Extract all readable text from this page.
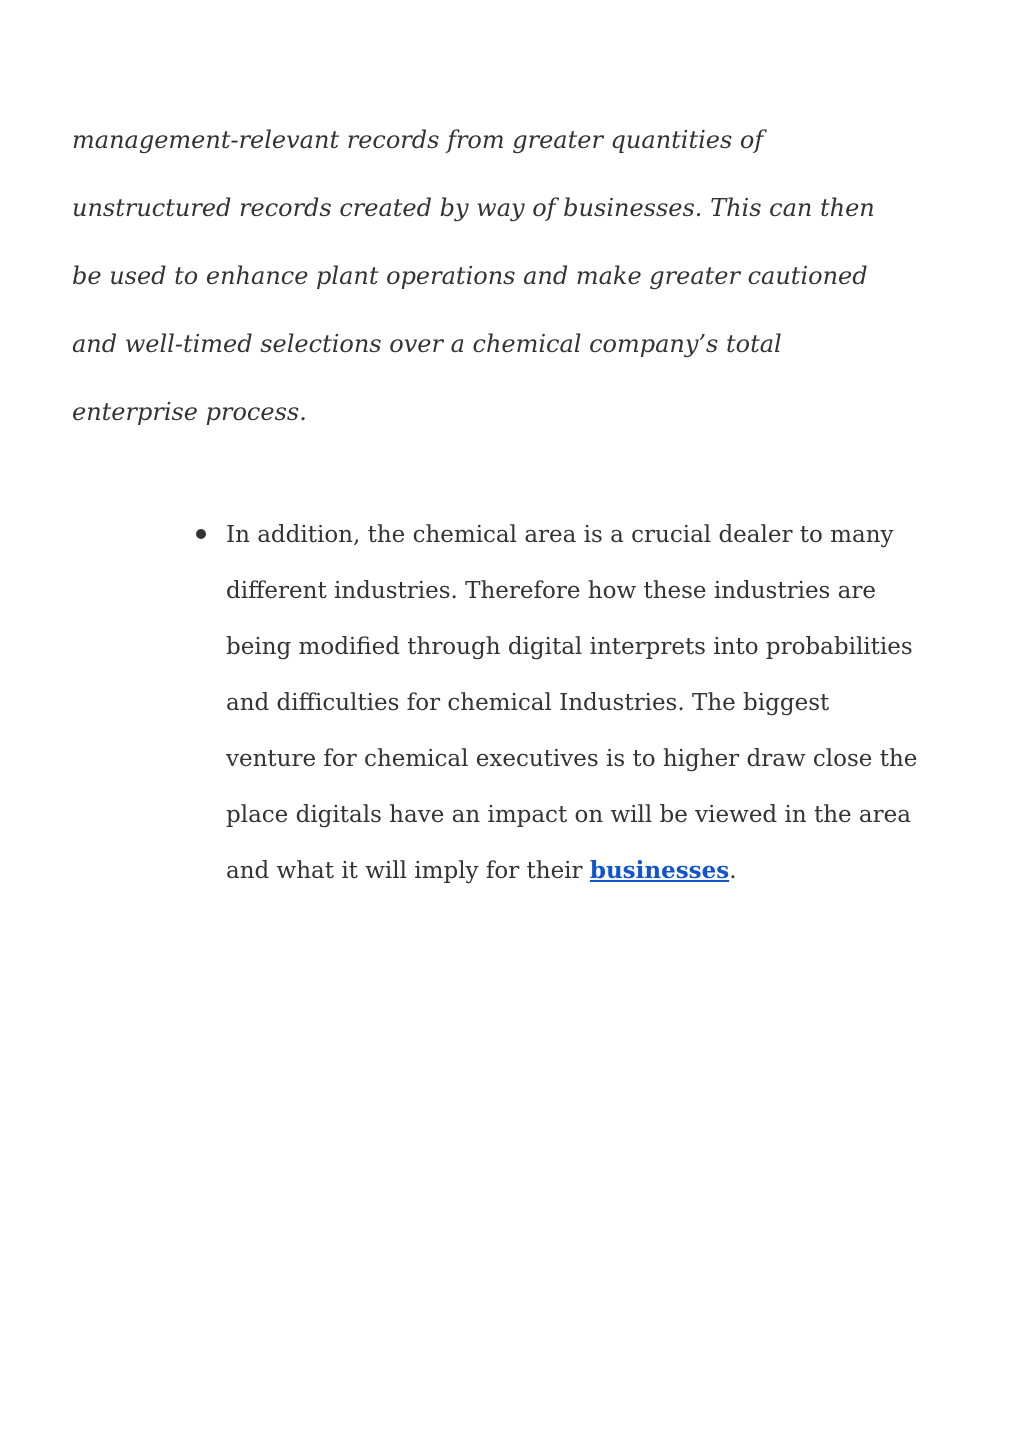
management-relevant records from greater quantities of
unstructured records created by way of businesses. This can then
be used to enhance plant operations and make greater cautioned
and well-timed selections over a chemical company’s total
enterprise process.

In addition, the chemical area is a crucial dealer to many
different industries. Therefore how these industries are
being modified through digital interprets into probabilities
and difficulties for chemical Industries. The biggest
venture for chemical executives is to higher draw close the
place digitals have an impact on will be viewed in the area
and what it will imply for their businesses.
